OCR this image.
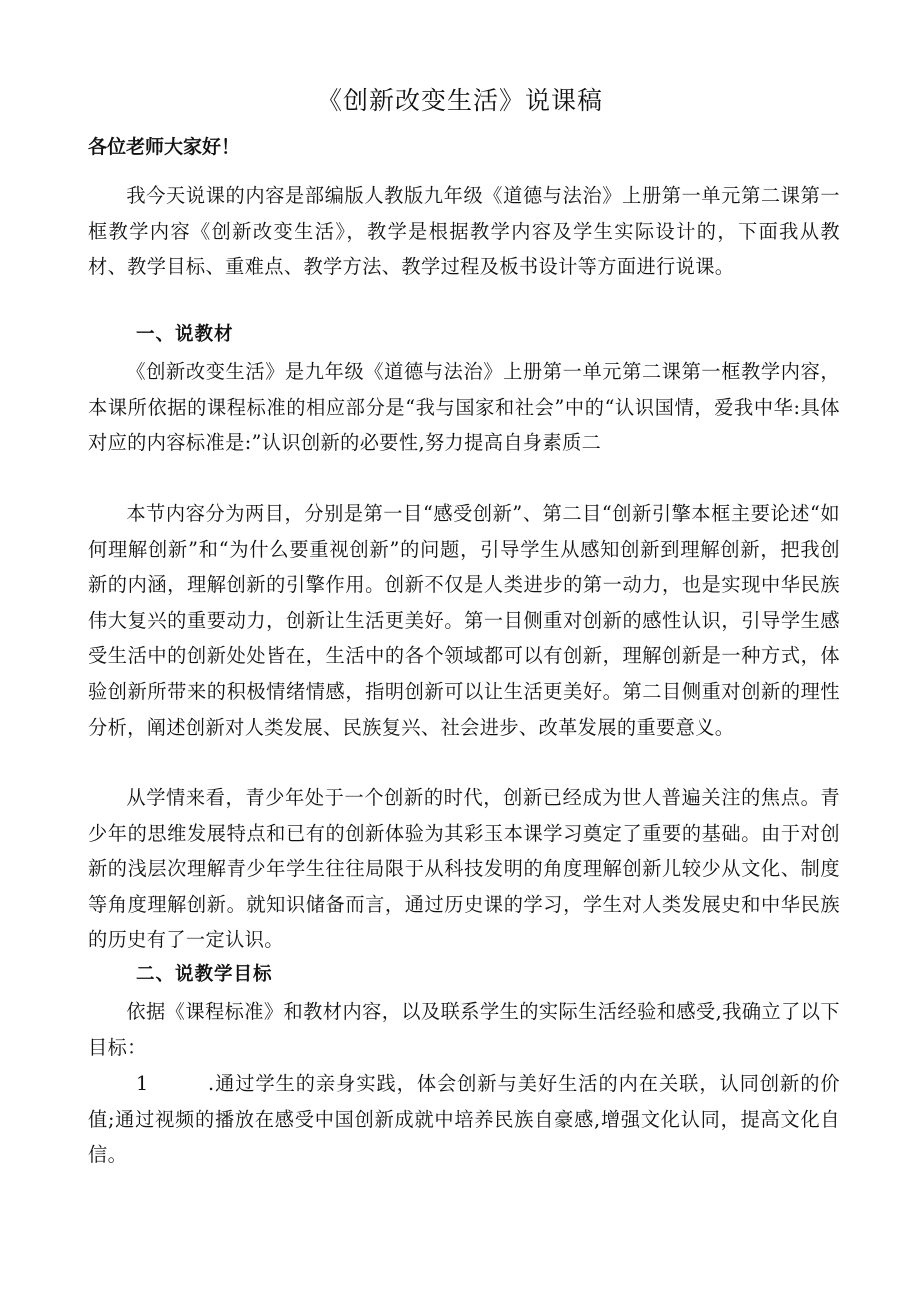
《创新改变生活》说课稿
各位老师大家好！

我今天说课的内容是部编版人教版九年级《道德与法治》上册第一单元第二课第一框教学内容《创新改变生活》，教学是根据教学内容及学生实际设计的，下面我从教材、教学目标、重难点、教学方法、教学过程及板书设计等方面进行说课。

一、说教材

《创新改变生活》是九年级《道德与法治》上册第一单元第二课第一框教学内容，本课所依据的课程标准的相应部分是“我与国家和社会”中的“认识国情，爱我中华:具体对应的内容标准是:”认识创新的必要性,努力提高自身素质二

本节内容分为两目，分别是第一目“感受创新”、第二目“创新引擎本框主要论述“如何理解创新”和“为什么要重视创新”的问题，引导学生从感知创新到理解创新，把我创新的内涵，理解创新的引擎作用。创新不仅是人类进步的第一动力，也是实现中华民族伟大复兴的重要动力，创新让生活更美好。第一目侧重对创新的感性认识，引导学生感受生活中的创新处处皆在，生活中的各个领域都可以有创新，理解创新是一种方式，体验创新所带来的积极情绪情感，指明创新可以让生活更美好。第二目侧重对创新的理性分析，阐述创新对人类发展、民族复兴、社会进步、改革发展的重要意义。

从学情来看，青少年处于一个创新的时代，创新已经成为世人普遍关注的焦点。青少年的思维发展特点和已有的创新体验为其彩玉本课学习奠定了重要的基础。由于对创新的浅层次理解青少年学生往往局限于从科技发明的角度理解创新儿较少从文化、制度等角度理解创新。就知识储备而言，通过历史课的学习，学生对人类发展史和中华民族的历史有了一定认识。

二、说教学目标

依据《课程标准》和教材内容，以及联系学生的实际生活经验和感受,我确立了以下目标：

1	.通过学生的亲身实践，体会创新与美好生活的内在关联，认同创新的价值;通过视频的播放在感受中国创新成就中培养民族自豪感,增强文化认同，提高文化自信。
